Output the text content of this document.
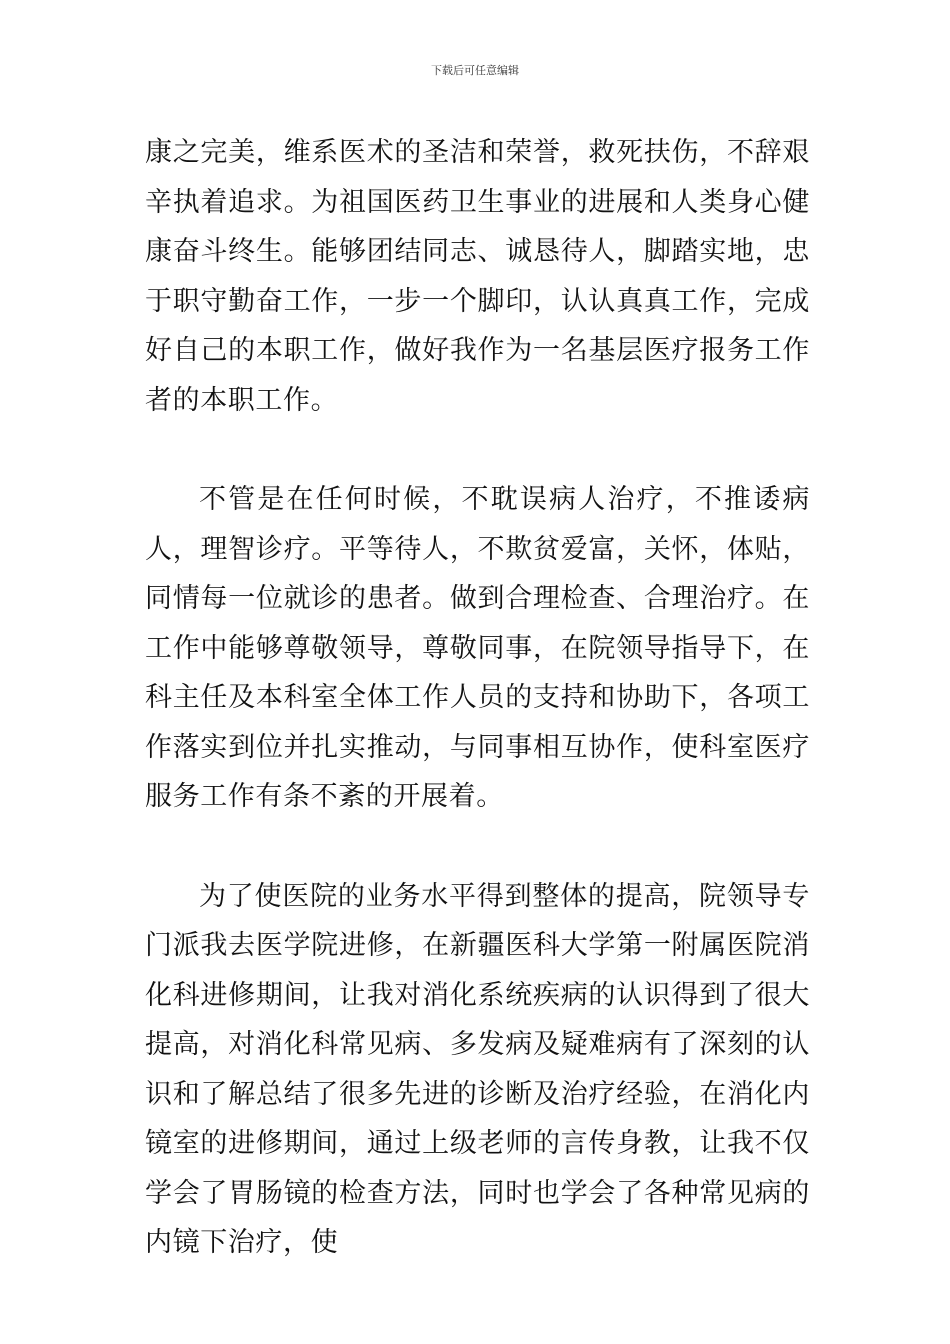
下载后可任意编辑

康之完美，维系医术的圣洁和荣誉，救死扶伤，不辞艰辛执着追求。为祖国医药卫生事业的进展和人类身心健康奋斗终生。能够团结同志、诚恳待人，脚踏实地，忠于职守勤奋工作，一步一个脚印，认认真真工作，完成好自己的本职工作，做好我作为一名基层医疗报务工作者的本职工作。

不管是在任何时候，不耽误病人治疗，不推诿病人，理智诊疗。平等待人，不欺贫爱富，关怀，体贴，同情每一位就诊的患者。做到合理检查、合理治疗。在工作中能够尊敬领导，尊敬同事，在院领导指导下，在科主任及本科室全体工作人员的支持和协助下，各项工作落实到位并扎实推动，与同事相互协作，使科室医疗服务工作有条不紊的开展着。

为了使医院的业务水平得到整体的提高，院领导专门派我去医学院进修，在新疆医科大学第一附属医院消化科进修期间，让我对消化系统疾病的认识得到了很大提高，对消化科常见病、多发病及疑难病有了深刻的认识和了解总结了很多先进的诊断及治疗经验，在消化内镜室的进修期间，通过上级老师的言传身教，让我不仅学会了胃肠镜的检查方法，同时也学会了各种常见病的内镜下治疗，使
